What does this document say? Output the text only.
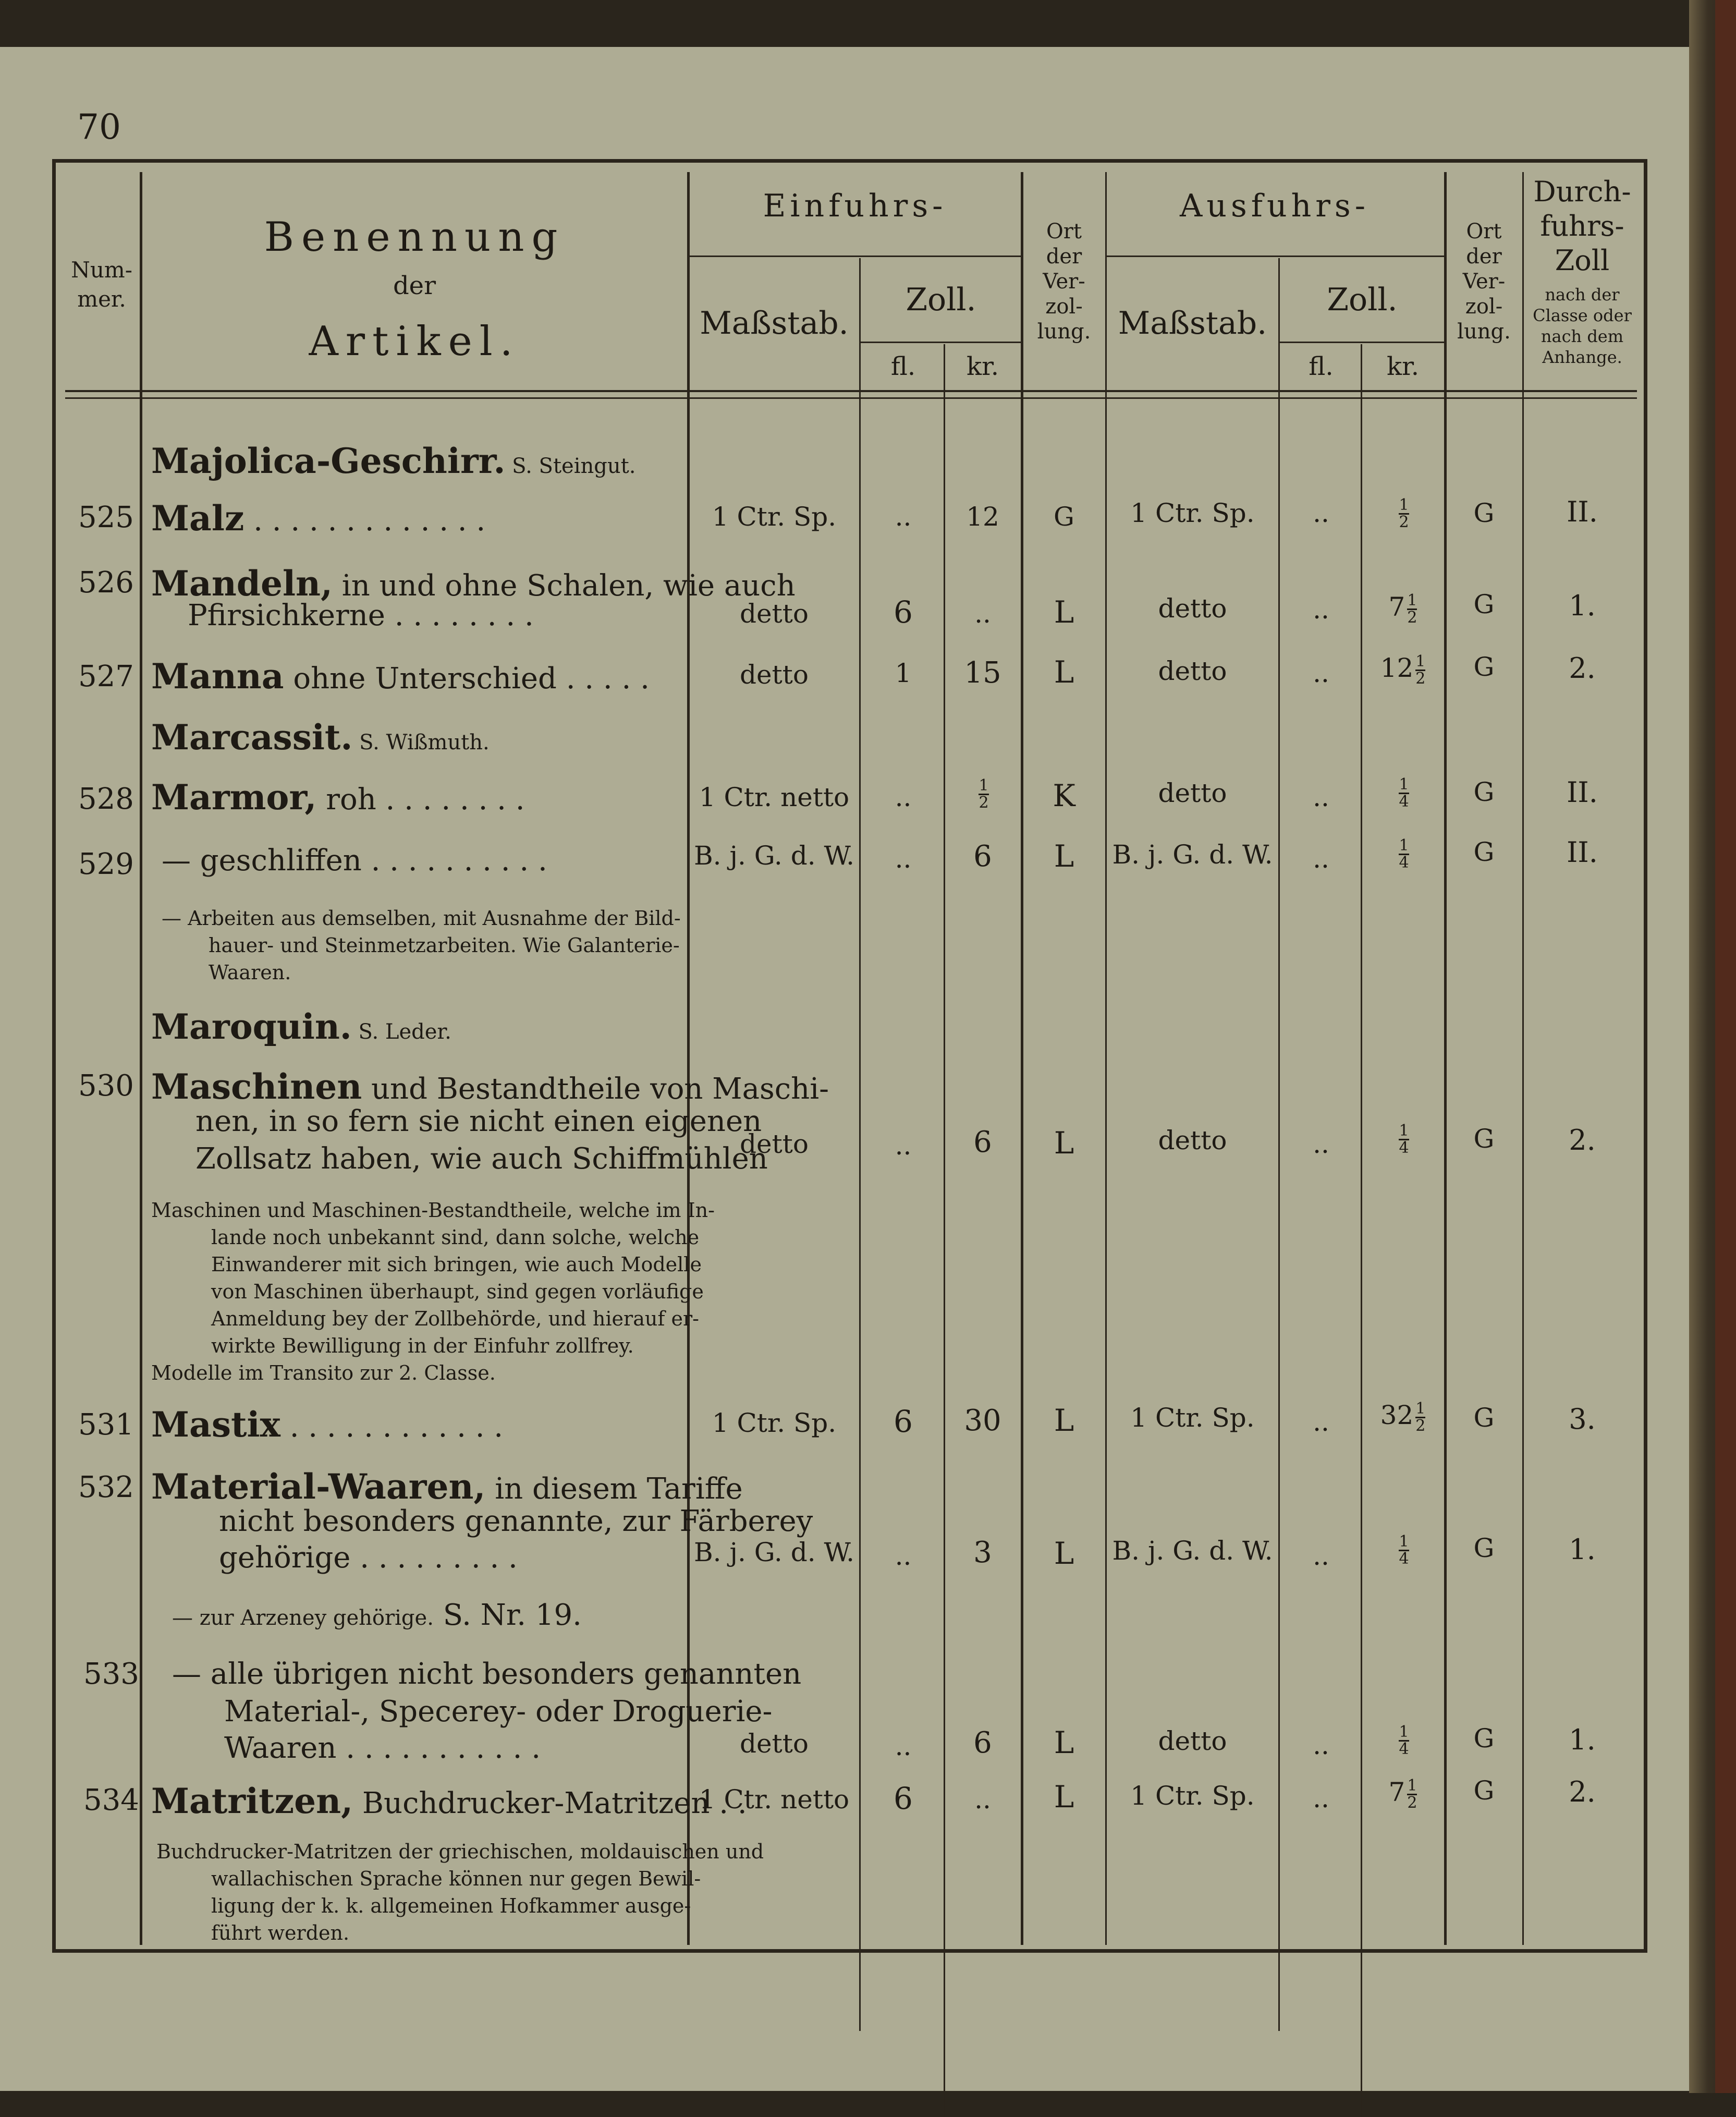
70
Num-
mer.
Benennung
der
Artikel.
Einfuhrs-
Maßstab.
Zoll.
fl.	kr.
Ort
der
Ver-
zol-
lung.
Ausfuhrs-
Maßstab.
Zoll.
fl.	kr.
Ort
der
Ver-
zol-
lung.
Durch-
fuhrs-
Zoll
nach der
Classe oder
nach dem
Anhange.
Majolica-Geschirr. S. Steingut.
525 Malz . . . . . . . . . . . . .	1 Ctr. Sp.	..	12	G	1 Ctr. Sp.	..	$\frac{1}{2}$	G	II.
526 Mandeln, in und ohne Schalen, wie auch
Pfirsichkerne . . . . . . . .	detto	6	..	L	detto	..	$7 \frac{1}{2}$	G	1.
527 Manna ohne Unterschied . . . . .	detto	1	15	L	detto	..	$12 \frac{1}{2}$	G	2.
Marcassit. S. Wißmuth.
528 Marmor, roh . . . . . . . .	1 Ctr. netto	..	$\frac{1}{2}$	K	detto	..	$\frac{1}{4}$	G	II.
529 — geschliffen . . . . . . . . . .	B. j. G. d. W.	..	6	L	B. j. G. d. W.	..	$\frac{1}{4}$	G	II.
— Arbeiten aus demselben, mit Ausnahme der Bild-
hauer- und Steinmetzarbeiten. Wie Galanterie-
Waaren.
Maroquin. S. Leder.
530 Maschinen und Bestandtheile von Maschi-
nen, in so fern sie nicht einen eigenen
Zollsatz haben, wie auch Schiffmühlen
detto	..	6	L	detto	..	$\frac{1}{4}$	G	2.
Maschinen und Maschinen-Bestandtheile, welche im In-
lande noch unbekannt sind, dann solche, welche
Einwanderer mit sich bringen, wie auch Modelle
von Maschinen überhaupt, sind gegen vorläufige
Anmeldung bey der Zollbehörde, und hierauf er-
wirkte Bewilligung in der Einfuhr zollfrey.
Modelle im Transito zur 2. Classe.
531 Mastix . . . . . . . . . . . .	1 Ctr. Sp.	6	30	L	1 Ctr. Sp.	..	$32 \frac{1}{2}$	G	3.
532 Material-Waaren, in diesem Tariffe
nicht besonders genannte, zur Färberey
gehörige . . . . . . . . .	B. j. G. d. W.	..	3	L	B. j. G. d. W.	..	$\frac{1}{4}$	G	1.
— zur Arzeney gehörige. S. Nr. 19.
533 — alle übrigen nicht besonders genannten
Material-, Specerey- oder Droguerie-
Waaren . . . . . . . . . . .	detto	..	6	L	detto	..	$\frac{1}{4}$	G	1.
534 Matritzen, Buchdrucker-Matritzen . .
1 Ctr. netto	6	..	L	1 Ctr. Sp.	..	$7 \frac{1}{2}$	G	2.
Buchdrucker-Matritzen der griechischen, moldauischen und
wallachischen Sprache können nur gegen Bewil-
ligung der k. k. allgemeinen Hofkammer ausge-
führt werden.
